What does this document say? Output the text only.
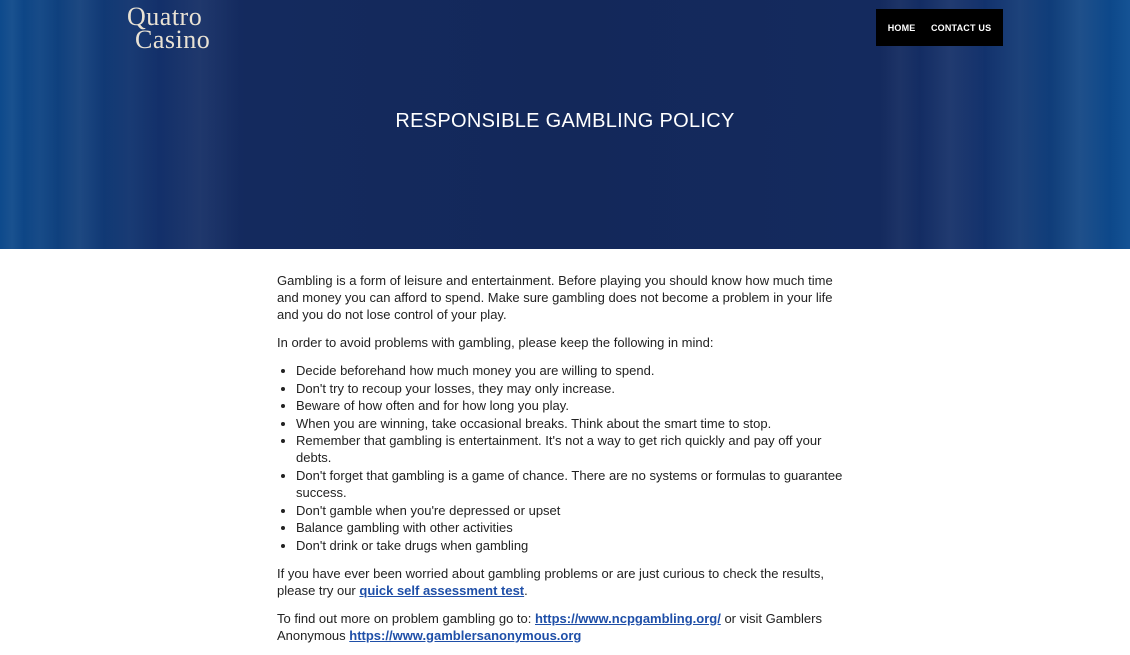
Quatro
Casino	HOME CONTACT US
RESPONSIBLE GAMBLING POLICY

Gambling is a form of leisure and entertainment. Before playing you should know how much time and money you can afford to spend. Make sure gambling does not become a problem in your life and you do not lose control of your play.

In order to avoid problems with gambling, please keep the following in mind:

• Decide beforehand how much money you are willing to spend.
• Don't try to recoup your losses, they may only increase.
• Beware of how often and for how long you play.
• When you are winning, take occasional breaks. Think about the smart time to stop.
• Remember that gambling is entertainment. It's not a way to get rich quickly and pay off your debts.
• Don't forget that gambling is a game of chance. There are no systems or formulas to guarantee success.
• Don't gamble when you're depressed or upset
• Balance gambling with other activities
• Don't drink or take drugs when gambling

If you have ever been worried about gambling problems or are just curious to check the results, please try our quick self assessment test.

To find out more on problem gambling go to: https://www.ncpgambling.org/ or visit Gamblers Anonymous https://www.gamblersanonymous.org
